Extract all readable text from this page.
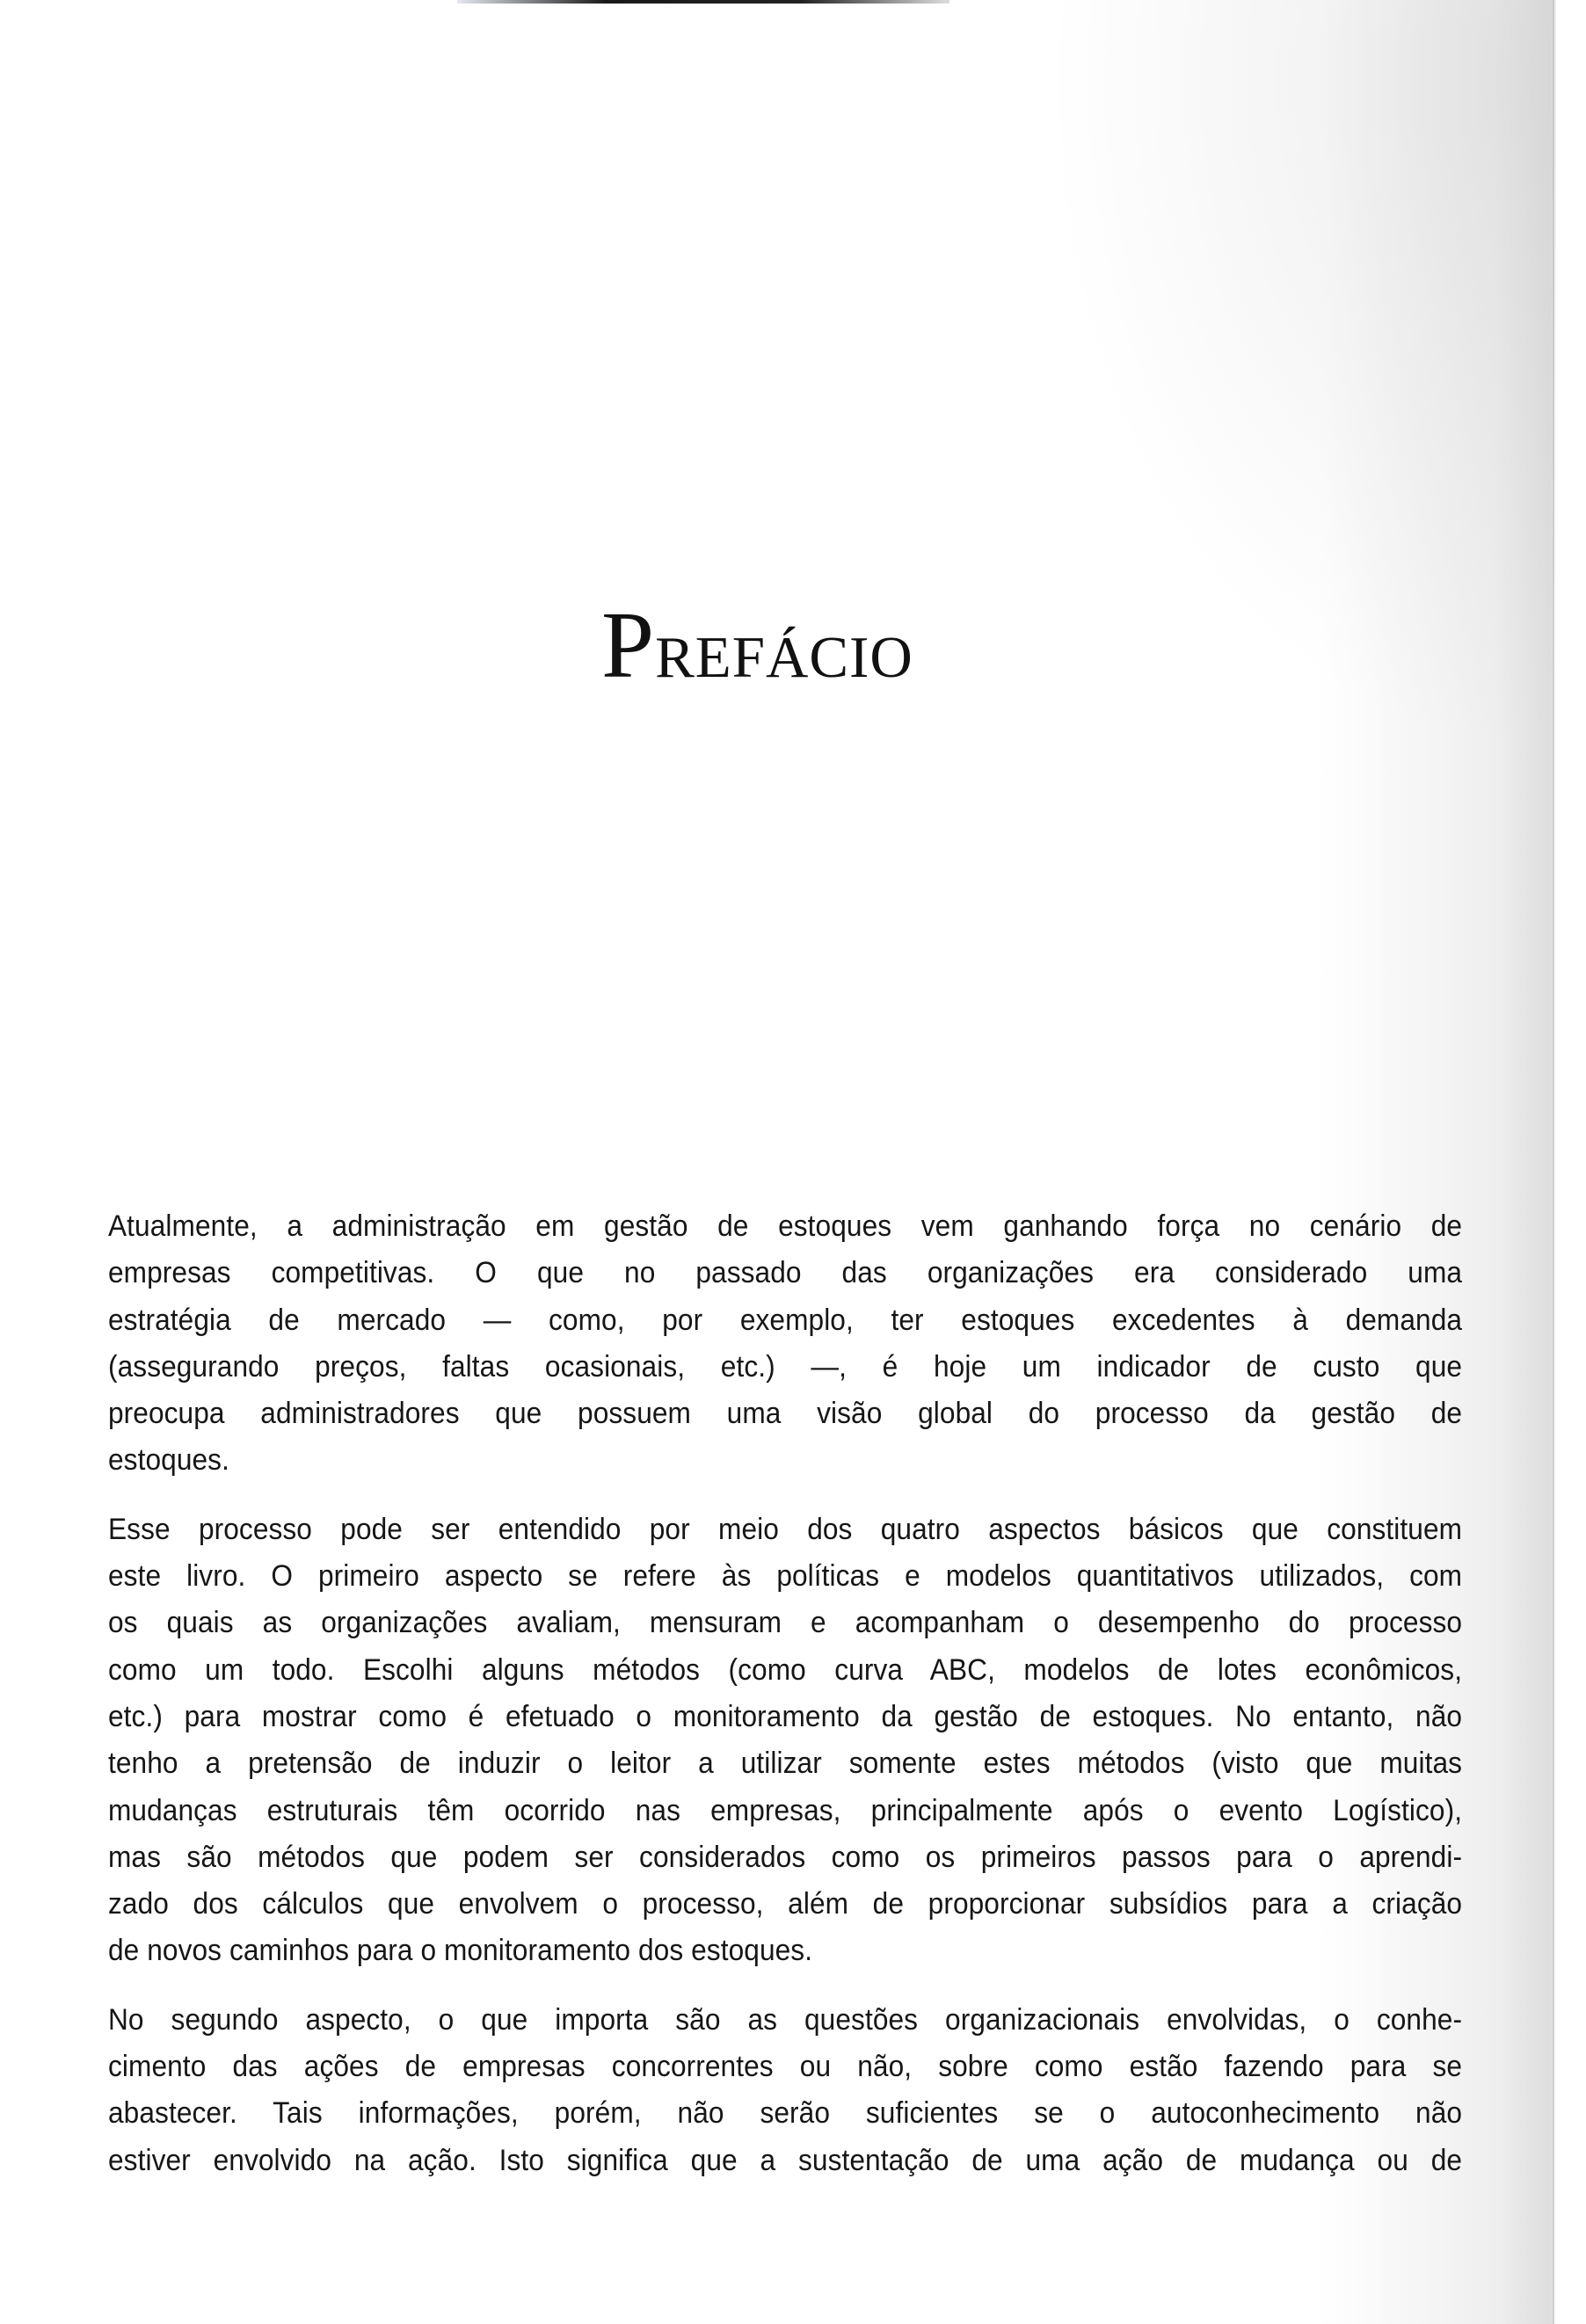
Prefácio
Atualmente, a administração em gestão de estoques vem ganhando força no cenário de
empresas competitivas. O que no passado das organizações era considerado uma
estratégia de mercado — como, por exemplo, ter estoques excedentes à demanda
(assegurando preços, faltas ocasionais, etc.) —, é hoje um indicador de custo que
preocupa administradores que possuem uma visão global do processo da gestão de
estoques.
Esse processo pode ser entendido por meio dos quatro aspectos básicos que constituem
este livro. O primeiro aspecto se refere às políticas e modelos quantitativos utilizados, com
os quais as organizações avaliam, mensuram e acompanham o desempenho do processo
como um todo. Escolhi alguns métodos (como curva ABC, modelos de lotes econômicos,
etc.) para mostrar como é efetuado o monitoramento da gestão de estoques. No entanto, não
tenho a pretensão de induzir o leitor a utilizar somente estes métodos (visto que muitas
mudanças estruturais têm ocorrido nas empresas, principalmente após o evento Logístico),
mas são métodos que podem ser considerados como os primeiros passos para o aprendi-
zado dos cálculos que envolvem o processo, além de proporcionar subsídios para a criação
de novos caminhos para o monitoramento dos estoques.
No segundo aspecto, o que importa são as questões organizacionais envolvidas, o conhe-
cimento das ações de empresas concorrentes ou não, sobre como estão fazendo para se
abastecer. Tais informações, porém, não serão suficientes se o autoconhecimento não
estiver envolvido na ação. Isto significa que a sustentação de uma ação de mudança ou de
